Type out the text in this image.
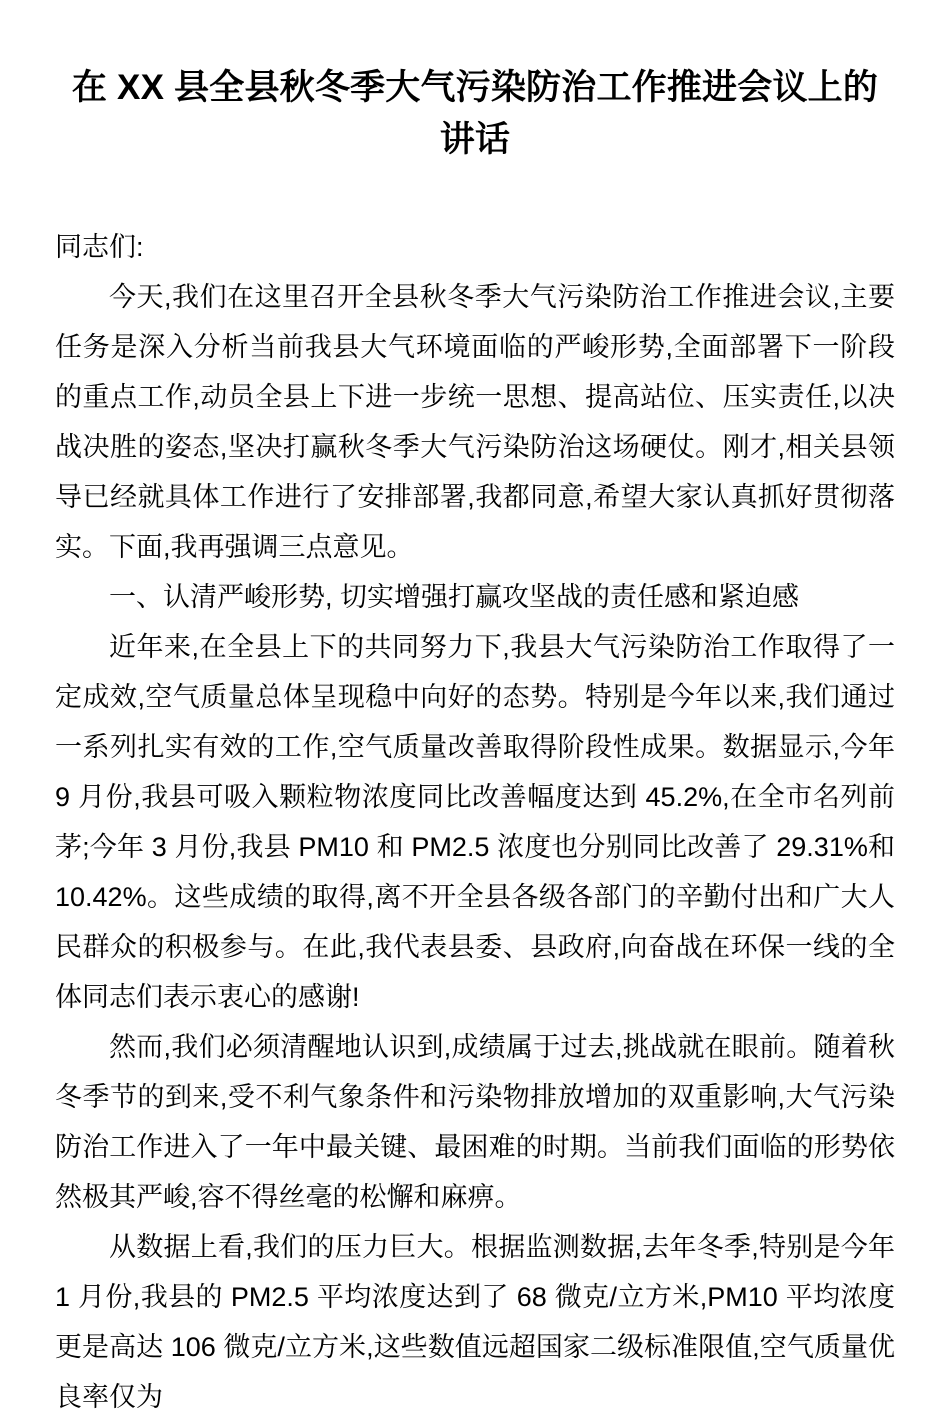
在 XX 县全县秋冬季大气污染防治工作推进会议上的讲话

同志们:

今天,我们在这里召开全县秋冬季大气污染防治工作推进会议,主要任务是深入分析当前我县大气环境面临的严峻形势,全面部署下一阶段的重点工作,动员全县上下进一步统一思想、提高站位、压实责任,以决战决胜的姿态,坚决打赢秋冬季大气污染防治这场硬仗。刚才,相关县领导已经就具体工作进行了安排部署,我都同意,希望大家认真抓好贯彻落实。下面,我再强调三点意见。

一、认清严峻形势, 切实增强打赢攻坚战的责任感和紧迫感

近年来,在全县上下的共同努力下,我县大气污染防治工作取得了一定成效,空气质量总体呈现稳中向好的态势。特别是今年以来,我们通过一系列扎实有效的工作,空气质量改善取得阶段性成果。数据显示,今年 9 月份,我县可吸入颗粒物浓度同比改善幅度达到 45.2%,在全市名列前茅;今年 3 月份,我县 PM10 和 PM2.5 浓度也分别同比改善了 29.31%和 10.42%。这些成绩的取得,离不开全县各级各部门的辛勤付出和广大人民群众的积极参与。在此,我代表县委、县政府,向奋战在环保一线的全体同志们表示衷心的感谢!

然而,我们必须清醒地认识到,成绩属于过去,挑战就在眼前。随着秋冬季节的到来,受不利气象条件和污染物排放增加的双重影响,大气污染防治工作进入了一年中最关键、最困难的时期。当前我们面临的形势依然极其严峻,容不得丝毫的松懈和麻痹。

从数据上看,我们的压力巨大。根据监测数据,去年冬季,特别是今年 1 月份,我县的 PM2.5 平均浓度达到了 68 微克/立方米,PM10 平均浓度更是高达 106 微克/立方米,这些数值远超国家二级标准限值,空气质量优良率仅为
